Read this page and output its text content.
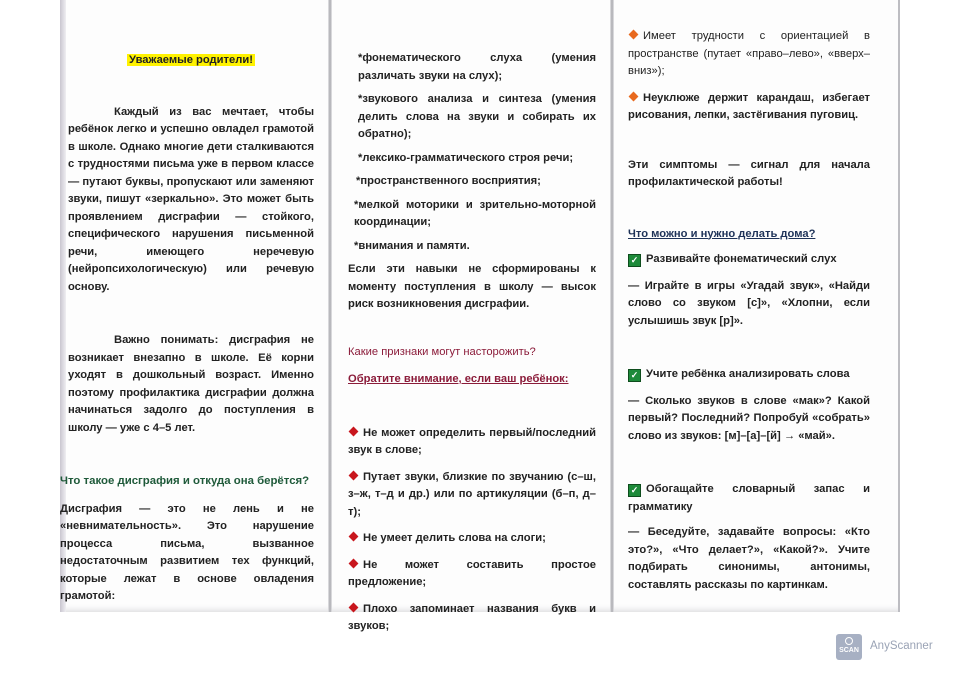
Уважаемые родители!

Каждый из вас мечтает, чтобы ребёнок легко и успешно овладел грамотой в школе. Однако многие дети сталкиваются с трудностями письма уже в первом классе — путают буквы, пропускают или заменяют звуки, пишут «зеркально». Это может быть проявлением дисграфии — стойкого, специфического нарушения письменной речи, имеющего неречевую (нейропсихологическую) или речевую основу.

Важно понимать: дисграфия не возникает внезапно в школе. Её корни уходят в дошкольный возраст. Именно поэтому профилактика дисграфии должна начинаться задолго до поступления в школу — уже с 4–5 лет.

Что такое дисграфия и откуда она берётся?

Дисграфия — это не лень и не «невнимательность». Это нарушение процесса письма, вызванное недостаточным развитием тех функций, которые лежат в основе овладения грамотой:

*фонематического слуха (умения различать звуки на слух);

*звукового анализа и синтеза (умения делить слова на звуки и собирать их обратно);

*лексико-грамматического строя речи;

*пространственного восприятия;

*мелкой моторики и зрительно-моторной координации;

*внимания и памяти.

Если эти навыки не сформированы к моменту поступления в школу — высок риск возникновения дисграфии.

Какие признаки могут насторожить?

Обратите внимание, если ваш ребёнок:

Не может определить первый/последний звук в слове;

Путает звуки, близкие по звучанию (с–ш, з–ж, т–д и др.) или по артикуляции (б–п, д–т);

Не умеет делить слова на слоги;

Не может составить простое предложение;

Плохо запоминает названия букв и звуков;

Имеет трудности с ориентацией в пространстве (путает «право–лево», «вверх–вниз»);

Неуклюже держит карандаш, избегает рисования, лепки, застёгивания пуговиц.

Эти симптомы — сигнал для начала профилактической работы!

Что можно и нужно делать дома?

✓ Развивайте фонематический слух

— Играйте в игры «Угадай звук», «Найди слово со звуком [с]», «Хлопни, если услышишь звук [р]».

✓ Учите ребёнка анализировать слова

— Сколько звуков в слове «мак»? Какой первый? Последний? Попробуй «собрать» слово из звуков: [м]–[а]–[й] → «май».

✓ Обогащайте словарный запас и грамматику

— Беседуйте, задавайте вопросы: «Кто это?», «Что делает?», «Какой?». Учите подбирать синонимы, антонимы, составлять рассказы по картинкам.

SCAN AnyScanner
